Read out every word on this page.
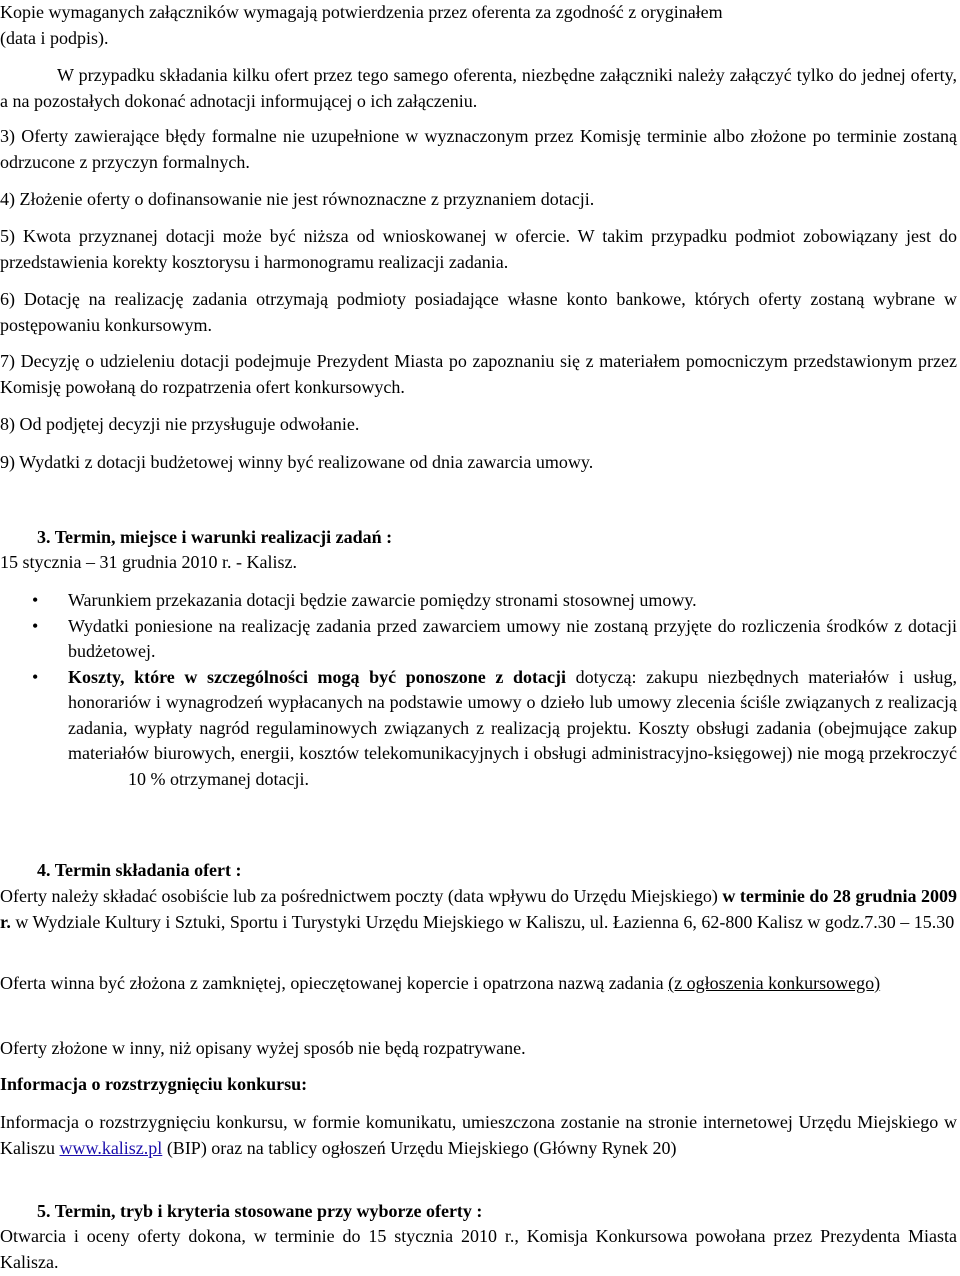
Kopie wymaganych załączników wymagają potwierdzenia przez oferenta za zgodność z oryginałem
(data i podpis).

W przypadku składania kilku ofert przez tego samego oferenta, niezbędne załączniki należy załączyć tylko do jednej oferty, a na pozostałych dokonać adnotacji informującej o ich załączeniu.

3) Oferty zawierające błędy formalne nie uzupełnione w wyznaczonym przez Komisję terminie albo złożone po terminie zostaną odrzucone z przyczyn formalnych.

4) Złożenie oferty o dofinansowanie nie jest równoznaczne z przyznaniem dotacji.

5) Kwota przyznanej dotacji może być niższa od wnioskowanej w ofercie. W takim przypadku podmiot zobowiązany jest do przedstawienia korekty kosztorysu i harmonogramu realizacji zadania.

6) Dotację na realizację zadania otrzymają podmioty posiadające własne konto bankowe, których oferty zostaną wybrane w postępowaniu konkursowym.

7) Decyzję o udzieleniu dotacji podejmuje Prezydent Miasta po zapoznaniu się z materiałem pomocniczym przedstawionym przez Komisję powołaną do rozpatrzenia ofert konkursowych.

8) Od podjętej decyzji nie przysługuje odwołanie.

9) Wydatki z dotacji budżetowej winny być realizowane od dnia zawarcia umowy.

3. Termin, miejsce i warunki realizacji zadań :

15 stycznia – 31 grudnia 2010 r. - Kalisz.

• Warunkiem przekazania dotacji będzie zawarcie pomiędzy stronami stosownej umowy.
• Wydatki poniesione na realizację zadania przed zawarciem umowy nie zostaną przyjęte do rozliczenia środków z dotacji budżetowej.
• Koszty, które w szczególności mogą być ponoszone z dotacji dotyczą: zakupu niezbędnych materiałów i usług, honorariów i wynagrodzeń wypłacanych na podstawie umowy o dzieło lub umowy zlecenia ściśle związanych z realizacją zadania, wypłaty nagród regulaminowych związanych z realizacją projektu. Koszty obsługi zadania (obejmujące zakup materiałów biurowych, energii, kosztów telekomunikacyjnych i obsługi administracyjno-księgowej) nie mogą przekroczyć10 % otrzymanej dotacji.
4. Termin składania ofert :

Oferty należy składać osobiście lub za pośrednictwem poczty (data wpływu do Urzędu Miejskiego) w terminie do 28 grudnia 2009 r. w Wydziale Kultury i Sztuki, Sportu i Turystyki Urzędu Miejskiego w Kaliszu, ul. Łazienna 6, 62-800 Kalisz w godz.7.30 – 15.30

Oferta winna być złożona z zamkniętej, opieczętowanej kopercie i opatrzona nazwą zadania (z ogłoszenia konkursowego)

Oferty złożone w inny, niż opisany wyżej sposób nie będą rozpatrywane.

Informacja o rozstrzygnięciu konkursu:

Informacja o rozstrzygnięciu konkursu, w formie komunikatu, umieszczona zostanie na stronie internetowej Urzędu Miejskiego w Kaliszu www.kalisz.pl (BIP) oraz na tablicy ogłoszeń Urzędu Miejskiego (Główny Rynek 20)

5. Termin, tryb i kryteria stosowane przy wyborze oferty :

Otwarcia i oceny oferty dokona, w terminie do 15 stycznia 2010 r., Komisja Konkursowa powołana przez Prezydenta Miasta Kalisza.
